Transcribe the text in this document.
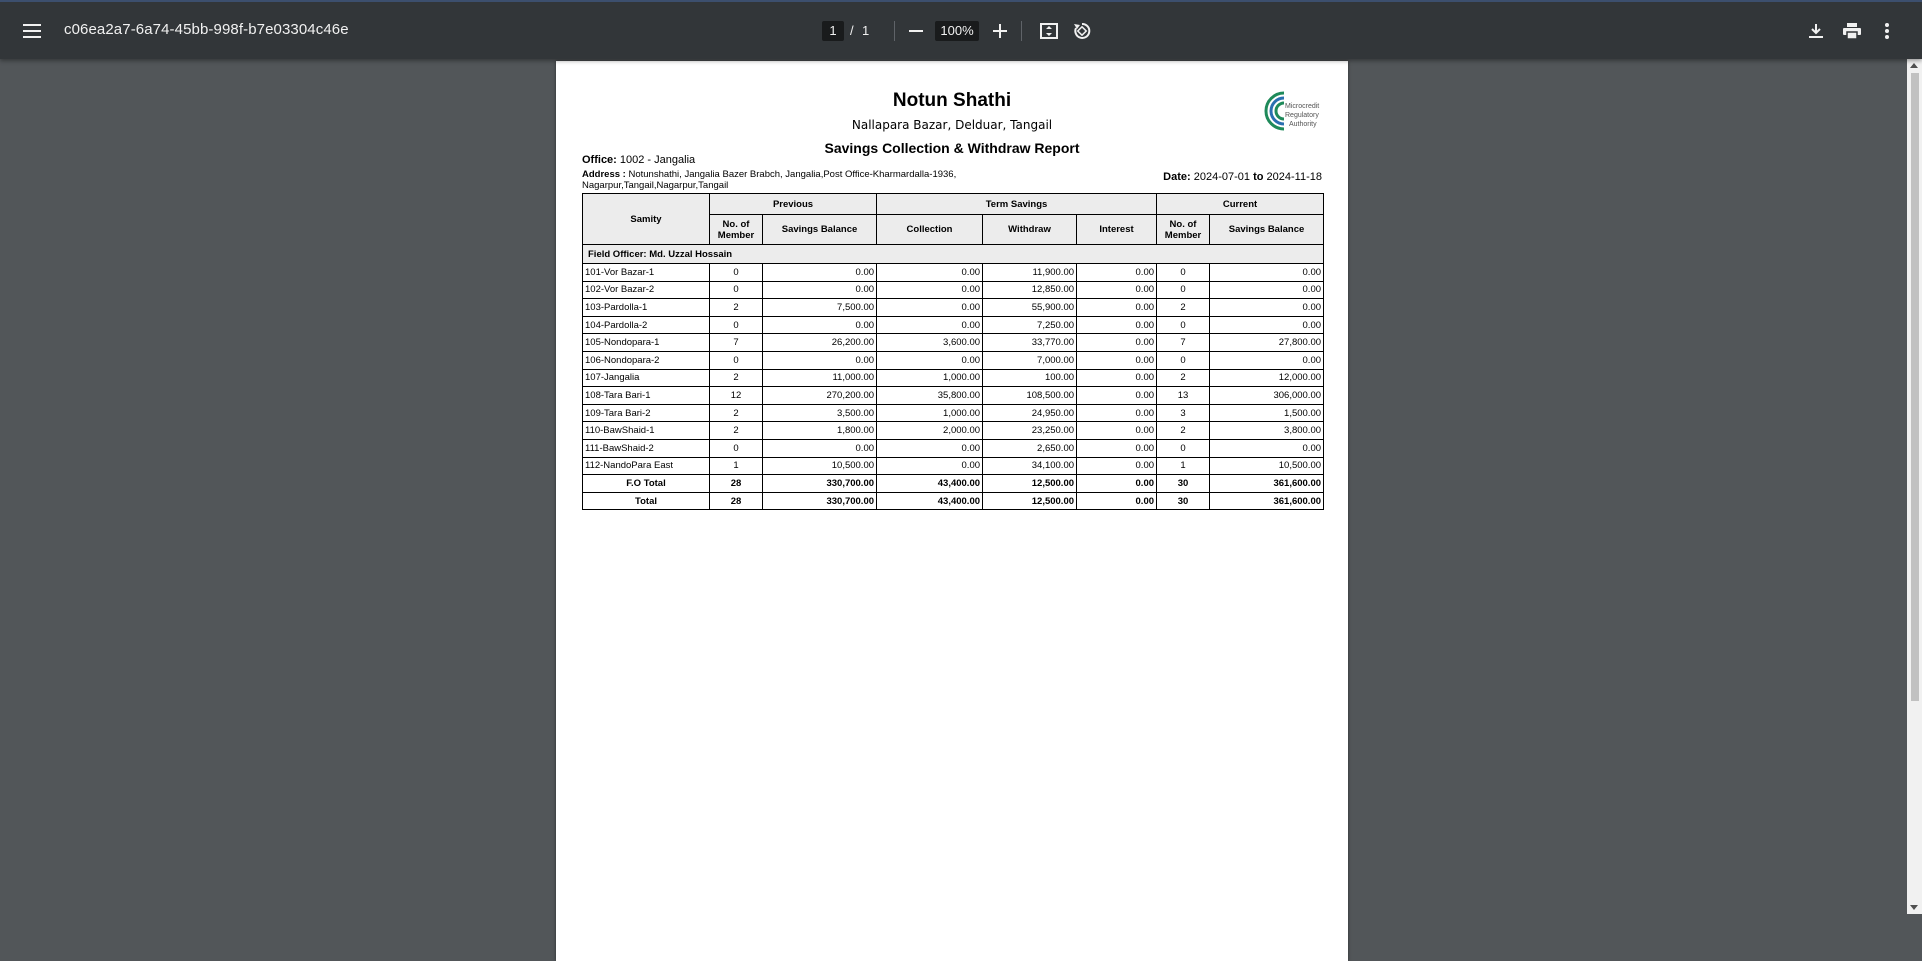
c06ea2a7-6a74-45bb-998f-b7e03304c46e	1	/ 1	100%
Notun Shathi
Nallapara Bazar, Delduar, Tangail
Savings Collection & Withdraw Report
Microcredit
Regulatory
Authority
Office: 1002 - Jangalia
Address : Notunshathi, Jangalia Bazer Brabch, Jangalia,Post Office-Kharmardalla-1936, Nagarpur,Tangail,Nagarpur,Tangail
Date: 2024-07-01 to 2024-11-18
Samity	Previous		Term Savings			Current	
	No. of Member	Savings Balance	Collection	Withdraw	Interest	No. of Member	Savings Balance
Field Officer: Md. Uzzal Hossain							
101-Vor Bazar-1	0	0.00	0.00	11,900.00	0.00	0	0.00
102-Vor Bazar-2	0	0.00	0.00	12,850.00	0.00	0	0.00
103-Pardolla-1	2	7,500.00	0.00	55,900.00	0.00	2	0.00
104-Pardolla-2	0	0.00	0.00	7,250.00	0.00	0	0.00
105-Nondopara-1	7	26,200.00	3,600.00	33,770.00	0.00	7	27,800.00
106-Nondopara-2	0	0.00	0.00	7,000.00	0.00	0	0.00
107-Jangalia	2	11,000.00	1,000.00	100.00	0.00	2	12,000.00
108-Tara Bari-1	12	270,200.00	35,800.00	108,500.00	0.00	13	306,000.00
109-Tara Bari-2	2	3,500.00	1,000.00	24,950.00	0.00	3	1,500.00
110-BawShaid-1	2	1,800.00	2,000.00	23,250.00	0.00	2	3,800.00
111-BawShaid-2	0	0.00	0.00	2,650.00	0.00	0	0.00
112-NandoPara East	1	10,500.00	0.00	34,100.00	0.00	1	10,500.00
F.O Total	28	330,700.00	43,400.00	12,500.00	0.00	30	361,600.00
Total	28	330,700.00	43,400.00	12,500.00	0.00	30	361,600.00
